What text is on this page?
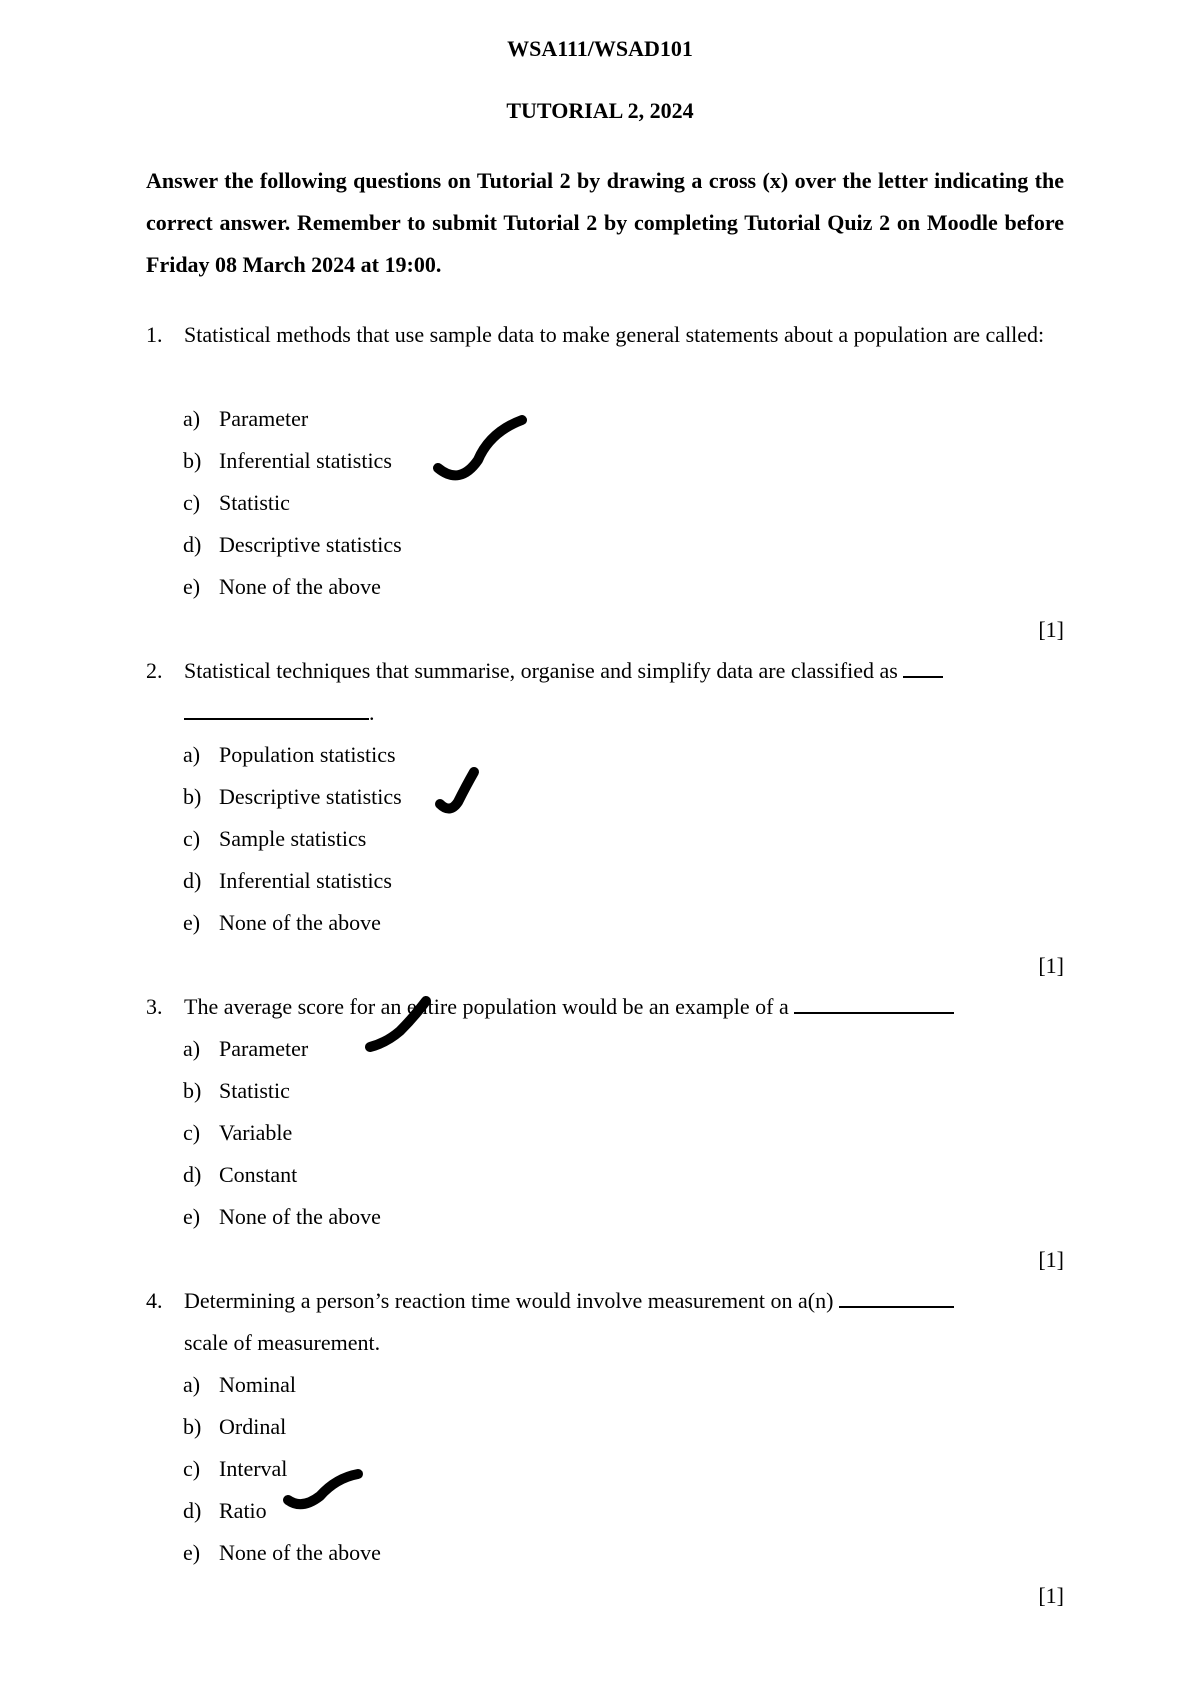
WSA111/WSAD101
TUTORIAL 2, 2024
Answer the following questions on Tutorial 2 by drawing a cross (x) over the letter indicating the correct answer. Remember to submit Tutorial 2 by completing Tutorial Quiz 2 on Moodle before Friday 08 March 2024 at 19:00.
1. Statistical methods that use sample data to make general statements about a population are called:
a) Parameter
b) Inferential statistics
c) Statistic
d) Descriptive statistics
e) None of the above
[1]
2. Statistical techniques that summarise, organise and simplify data are classified as
.
a) Population statistics
b) Descriptive statistics
c) Sample statistics
d) Inferential statistics
e) None of the above
[1]
3. The average score for an entire population would be an example of a
a) Parameter
b) Statistic
c) Variable
d) Constant
e) None of the above
[1]
4. Determining a person’s reaction time would involve measurement on a(n)
scale of measurement.
a) Nominal
b) Ordinal
c) Interval
d) Ratio
e) None of the above
[1]
